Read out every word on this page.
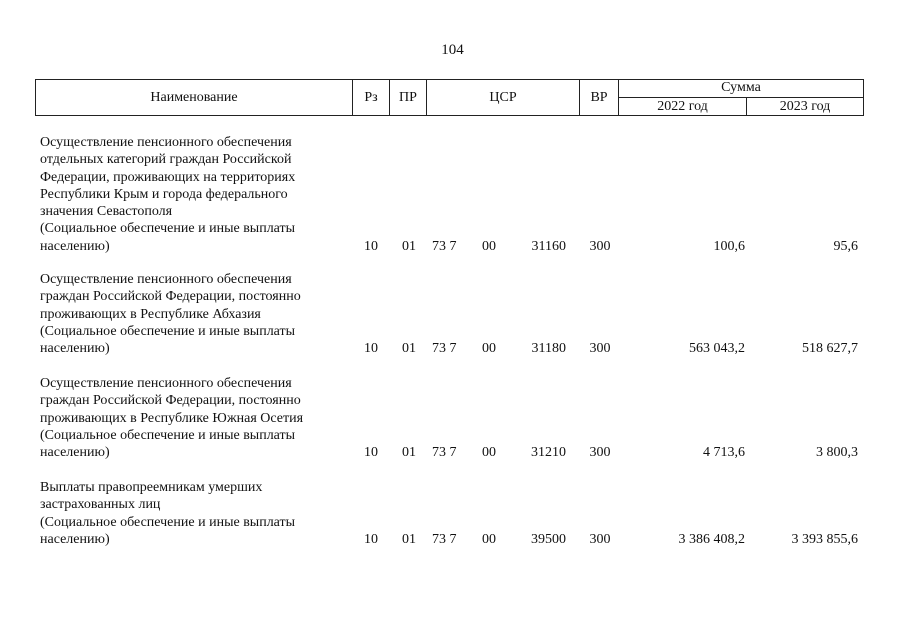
104
Наименование	Рз	ПР	ЦСР	ВР
Сумма
2022 год	2023 год
Осуществление пенсионного обеспечения
отдельных категорий граждан Российской
Федерации, проживающих на территориях
Республики Крым и города федерального
значения Севастополя
(Социальное обеспечение и иные выплаты
населению)	10 01 73 7	00	31160 300	100,6	95,6
Осуществление пенсионного обеспечения
граждан Российской Федерации, постоянно
проживающих в Республике Абхазия
(Социальное обеспечение и иные выплаты
населению)	10 01 73 7	00	31180 300	563 043,2	518 627,7
Осуществление пенсионного обеспечения
граждан Российской Федерации, постоянно
проживающих в Республике Южная Осетия
(Социальное обеспечение и иные выплаты
населению)	10 01 73 7	00	31210 300	4 713,6	3 800,3
Выплаты правопреемникам умерших
застрахованных лиц
(Социальное обеспечение и иные выплаты
населению)	10 01 73 7	00	39500 300	3 386 408,2	3 393 855,6
